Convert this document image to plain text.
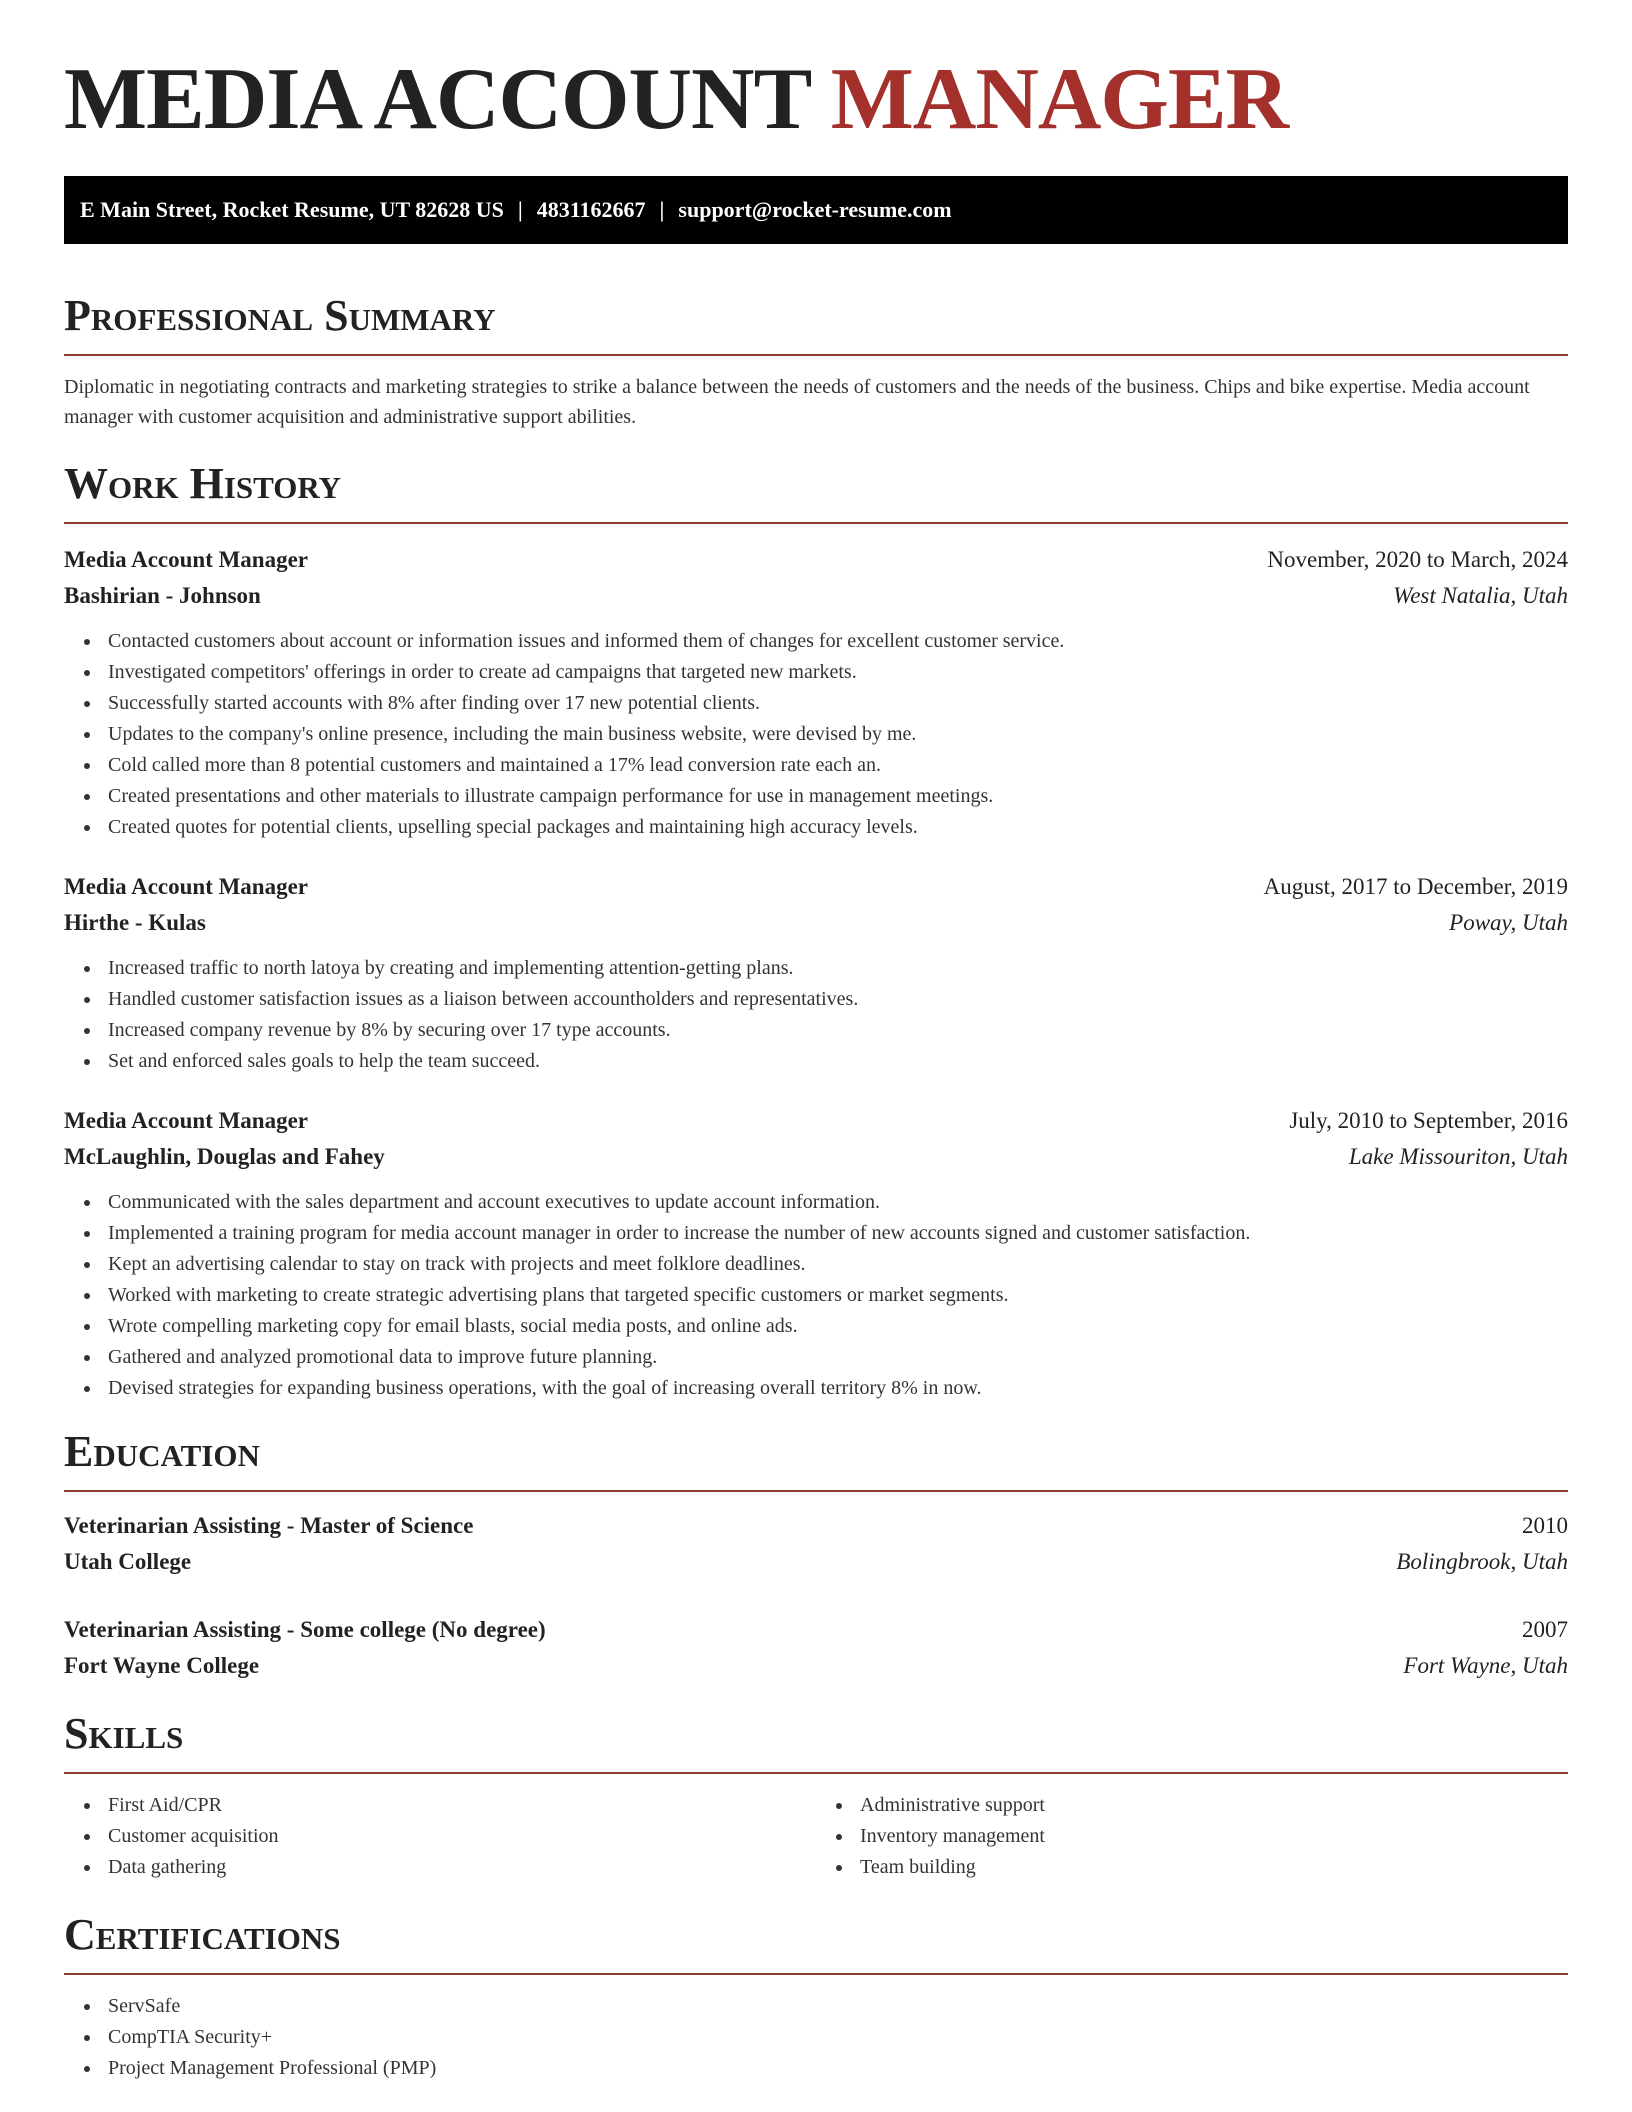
MEDIA ACCOUNT MANAGER
E Main Street, Rocket Resume, UT 82628 US | 4831162667 | support@rocket-resume.com
Professional Summary

Diplomatic in negotiating contracts and marketing strategies to strike a balance between the needs of customers and the needs of the business. Chips and bike expertise. Media account manager with customer acquisition and administrative support abilities.

Work History
Media Account Manager	November, 2020 to March, 2024
Bashirian - Johnson	West Natalia, Utah
Contacted customers about account or information issues and informed them of changes for excellent customer service.
Investigated competitors' offerings in order to create ad campaigns that targeted new markets.
Successfully started accounts with 8% after finding over 17 new potential clients.
Updates to the company's online presence, including the main business website, were devised by me.
Cold called more than 8 potential customers and maintained a 17% lead conversion rate each an.
Created presentations and other materials to illustrate campaign performance for use in management meetings.
Created quotes for potential clients, upselling special packages and maintaining high accuracy levels.
Media Account Manager	August, 2017 to December, 2019
Hirthe - Kulas	Poway, Utah
Increased traffic to north latoya by creating and implementing attention-getting plans.
Handled customer satisfaction issues as a liaison between accountholders and representatives.
Increased company revenue by 8% by securing over 17 type accounts.
Set and enforced sales goals to help the team succeed.
Media Account Manager	July, 2010 to September, 2016
McLaughlin, Douglas and Fahey	Lake Missouriton, Utah
Communicated with the sales department and account executives to update account information.
Implemented a training program for media account manager in order to increase the number of new accounts signed and customer satisfaction.
Kept an advertising calendar to stay on track with projects and meet folklore deadlines.
Worked with marketing to create strategic advertising plans that targeted specific customers or market segments.
Wrote compelling marketing copy for email blasts, social media posts, and online ads.
Gathered and analyzed promotional data to improve future planning.
Devised strategies for expanding business operations, with the goal of increasing overall territory 8% in now.
Education
Veterinarian Assisting - Master of Science	2010
Utah College	Bolingbrook, Utah
Veterinarian Assisting - Some college (No degree)	2007
Fort Wayne College	Fort Wayne, Utah
Skills
First Aid/CPR
Customer acquisition
Data gathering
Administrative support
Inventory management
Team building
Certifications
ServSafe
CompTIA Security+
Project Management Professional (PMP)
